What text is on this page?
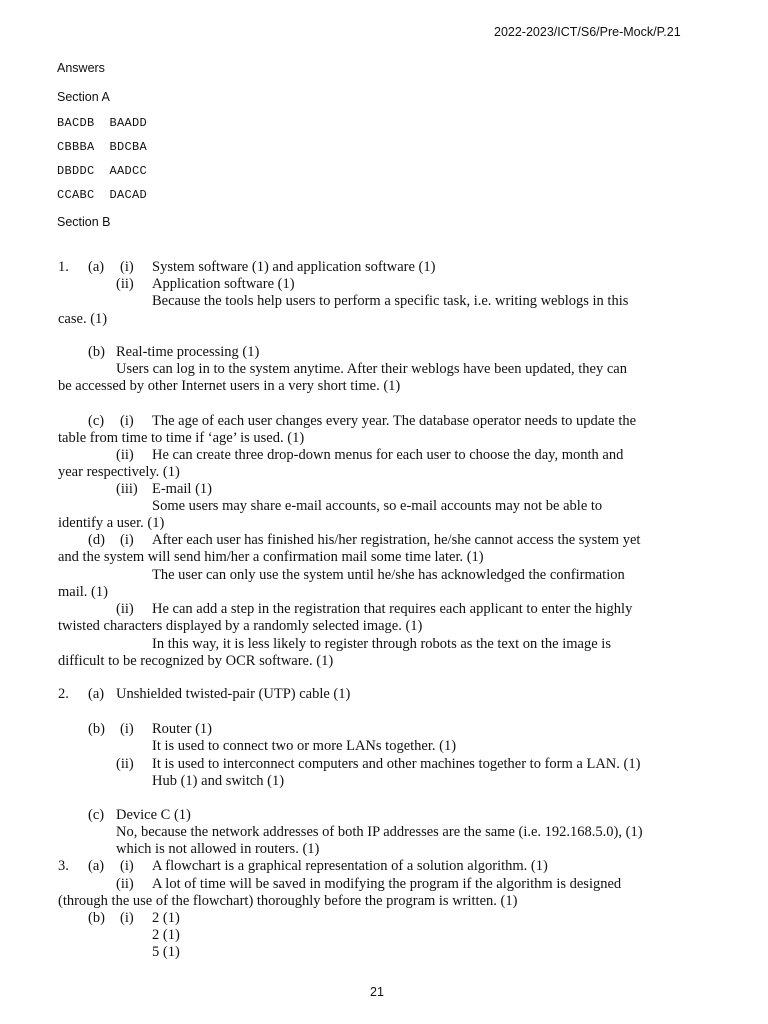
2022-2023/ICT/S6/Pre-Mock/P.21
Answers
Section A
BACDB  BAADD
CBBBA  BDCBA
DBDDC  AADCC
CCABC  DACAD
Section B
1. (a) (i) System software (1) and application software (1)
(ii) Application software (1)
Because the tools help users to perform a specific task, i.e. writing weblogs in this
case. (1)
(b) Real-time processing (1)
Users can log in to the system anytime. After their weblogs have been updated, they can
be accessed by other Internet users in a very short time. (1)
(c) (i) The age of each user changes every year. The database operator needs to update the
table from time to time if ‘age’ is used. (1)
(ii) He can create three drop-down menus for each user to choose the day, month and
year respectively. (1)
(iii) E-mail (1)
Some users may share e-mail accounts, so e-mail accounts may not be able to
identify a user. (1)
(d) (i) After each user has finished his/her registration, he/she cannot access the system yet
and the system will send him/her a confirmation mail some time later. (1)
The user can only use the system until he/she has acknowledged the confirmation
mail. (1)
(ii) He can add a step in the registration that requires each applicant to enter the highly
twisted characters displayed by a randomly selected image. (1)
In this way, it is less likely to register through robots as the text on the image is
difficult to be recognized by OCR software. (1)
2. (a) Unshielded twisted-pair (UTP) cable (1)
(b) (i) Router (1)
It is used to connect two or more LANs together. (1)
(ii) It is used to interconnect computers and other machines together to form a LAN. (1)
Hub (1) and switch (1)
(c) Device C (1)
No, because the network addresses of both IP addresses are the same (i.e. 192.168.5.0), (1)
which is not allowed in routers. (1)
3. (a) (i) A flowchart is a graphical representation of a solution algorithm. (1)
(ii) A lot of time will be saved in modifying the program if the algorithm is designed
(through the use of the flowchart) thoroughly before the program is written. (1)
(b) (i) 2 (1)
2 (1)
5 (1)
21
